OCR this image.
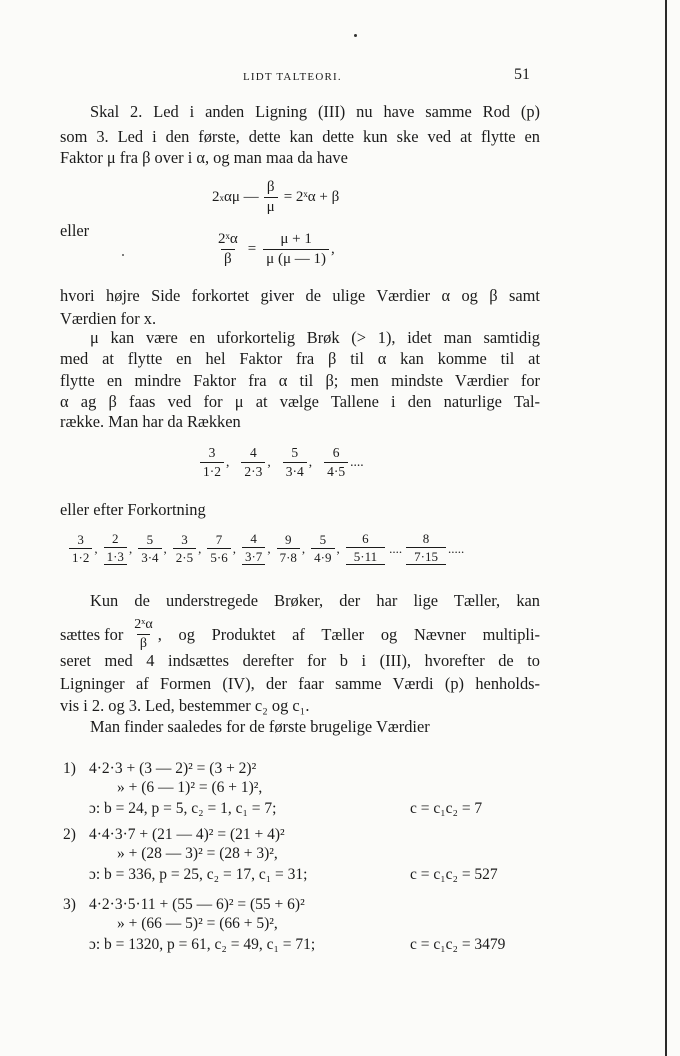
LIDT TALTEORI.	51
Skal 2. Led i anden Ligning (III) nu have samme Rod (p)
som 3. Led i den første, dette kan dette kun ske ved at flytte en
Faktor μ fra β over i α, og man maa da have
2 x αμ — $\frac{\beta}{\mu}$ = 2ˣα + β
eller
$\frac{\text{2ˣα}}{\beta} = \frac{\mu + 1}{\mu (\mu — 1)}$ ,
hvori højre Side forkortet giver de ulige Værdier α og β samt
Værdien for x.
μ kan være en uforkortelig Brøk (> 1), idet man samtidig
med at flytte en hel Faktor fra β til α kan komme til at
flytte en mindre Faktor fra α til β; men mindste Værdier for
α ag β faas ved for μ at vælge Tallene i den naturlige Tal-
række. Man har da Rækken
3
1·2
,
4
2·3
,
5
3·4
,
6
4·5
....
eller efter Forkortning
3
1·2
,
2
1·3
,
5
3·4
,
3
2·5
,
7
5·6
,
4
3·7
,
9
7·8
,
5
4·9
,
6
5·11
....
8
7·15
.....
Kun de understregede Brøker, der har lige Tæller, kan
sættes for 2ˣα
β , og Produktet af Tæller og Nævner multipli-
seret med 4 indsættes derefter for b i (III), hvorefter de to
Ligninger af Formen (IV), der faar samme Værdi (p) henholds-
vis i 2. og 3. Led, bestemmer c₂ og c₁.
Man finder saaledes for de første brugelige Værdier
1) 4·2·3 + (3 — 2)² = (3 + 2)²
» + (6 — 1)² = (6 + 1)²,
ɔ: b = 24, p = 5, c₂ = 1, c₁ = 7;	c = c₁c₂ = 7
2) 4·4·3·7 + (21 — 4)² = (21 + 4)²
» + (28 — 3)² = (28 + 3)²,
ɔ: b = 336, p = 25, c₂ = 17, c₁ = 31;	c = c₁c₂ = 527
3) 4·2·3·5·11 + (55 — 6)² = (55 + 6)²
» + (66 — 5)² = (66 + 5)²,
ɔ: b = 1320, p = 61, c₂ = 49, c₁ = 71;	c = c₁c₂ = 3479
